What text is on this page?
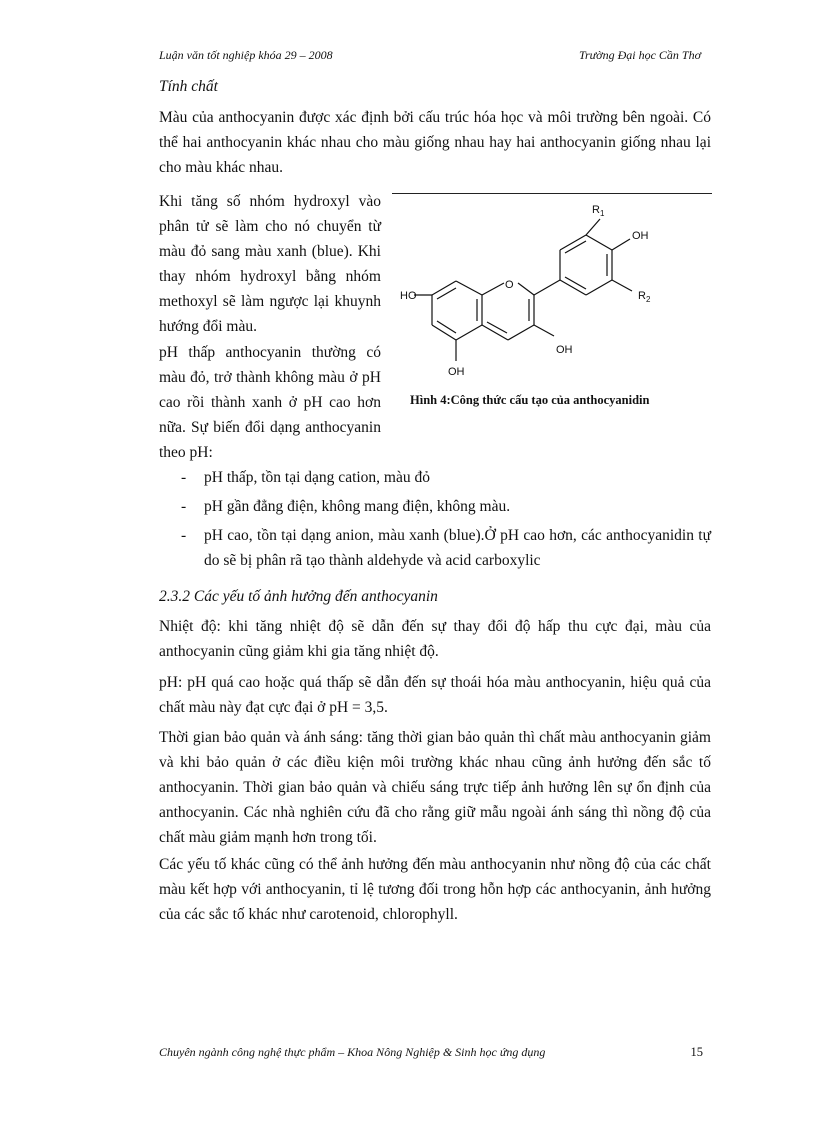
Luận văn tốt nghiệp khóa 29 – 2008	Trường Đại học Cần Thơ
Tính chất
Màu của anthocyanin được xác định bởi cấu trúc hóa học và môi trường bên ngoài. Có thể hai anthocyanin khác nhau cho màu giống nhau hay hai anthocyanin giống nhau lại cho màu khác nhau.
Khi tăng số nhóm hydroxyl vào phân tử sẽ làm cho nó chuyển từ màu đỏ sang màu xanh (blue). Khi thay nhóm hydroxyl bằng nhóm methoxyl sẽ làm ngược lại khuynh hướng đổi màu.
pH thấp anthocyanin thường có màu đỏ, trở thành không màu ở pH cao rồi thành xanh ở pH cao hơn nữa. Sự biến đổi dạng anthocyanin theo pH:
$R_1$
OH
$R_2$
HO
O
OH
OH
Hình 4:Công thức cấu tạo của anthocyanidin
-	pH thấp, tồn tại dạng cation, màu đỏ
-	pH gần đẳng điện, không mang điện, không màu.
-	pH cao, tồn tại dạng anion, màu xanh (blue).Ở pH cao hơn, các anthocyanidin tự do sẽ bị phân rã tạo thành aldehyde và acid carboxylic
2.3.2 Các yếu tố ảnh hưởng đến anthocyanin
Nhiệt độ: khi tăng nhiệt độ sẽ dẫn đến sự thay đổi độ hấp thu cực đại, màu của anthocyanin cũng giảm khi gia tăng nhiệt độ.
pH: pH quá cao hoặc quá thấp sẽ dẫn đến sự thoái hóa màu anthocyanin, hiệu quả của chất màu này đạt cực đại ở pH = 3,5.
Thời gian bảo quản và ánh sáng: tăng thời gian bảo quản thì chất màu anthocyanin giảm và khi bảo quản ở các điều kiện môi trường khác nhau cũng ảnh hưởng đến sắc tố anthocyanin. Thời gian bảo quản và chiếu sáng trực tiếp ảnh hưởng lên sự ổn định của anthocyanin. Các nhà nghiên cứu đã cho rằng giữ mẫu ngoài ánh sáng thì nồng độ của chất màu giảm mạnh hơn trong tối.
Các yếu tố khác cũng có thể ảnh hưởng đến màu anthocyanin như nồng độ của các chất màu kết hợp với anthocyanin, tỉ lệ tương đối trong hỗn hợp các anthocyanin, ảnh hưởng của các sắc tố khác như carotenoid, chlorophyll.
Chuyên ngành công nghệ thực phẩm – Khoa Nông Nghiệp & Sinh học ứng dụng	15
